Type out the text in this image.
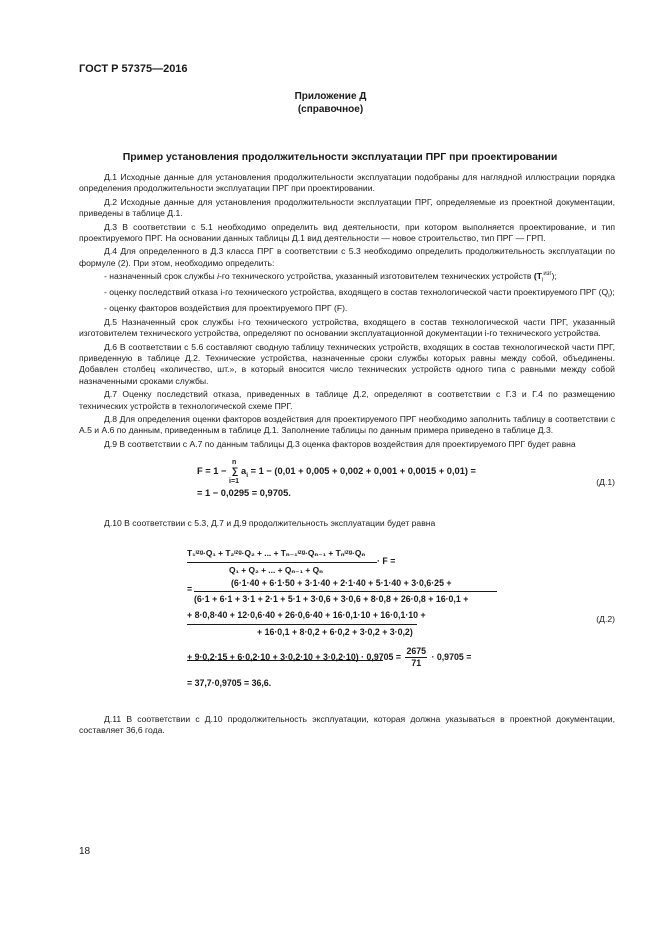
ГОСТ Р 57375—2016
Приложение Д
(справочное)
Пример установления продолжительности эксплуатации ПРГ при проектировании

Д.1 Исходные данные для установления продолжительности эксплуатации подобраны для наглядной иллюстрации порядка определения продолжительности эксплуатации ПРГ при проектировании.

Д.2 Исходные данные для установления продолжительности эксплуатации ПРГ, определяемые из проектной документации, приведены в таблице Д.1.

Д.3 В соответствии с 5.1 необходимо определить вид деятельности, при котором выполняется проектирование, и тип проектируемого ПРГ. На основании данных таблицы Д.1 вид деятельности — новое строительство, тип ПРГ — ГРП.

Д.4 Для определенного в Д.3 класса ПРГ в соответствии с 5.3 необходимо определить продолжительность эксплуатации по формуле (2). При этом, необходимо определить:

- назначенный срок службы i-го технического устройства, указанный изготовителем технических устройств $(T_i^{изг})$;

- оценку последствий отказа i-го технического устройства, входящего в состав технологической части проектируемого ПРГ $(Q_i)$;

- оценку факторов воздействия для проектируемого ПРГ (F).

Д.5 Назначенный срок службы i-го технического устройства, входящего в состав технологической части ПРГ, указанный изготовителем технического устройства, определяют по основании эксплуатационной документации i-го технического устройства.

Д.6 В соответствии с 5.6 составляют сводную таблицу технических устройств, входящих в состав технологической части ПРГ, приведенную в таблице Д.2. Технические устройства, назначенные сроки службы которых равны между собой, объединены. Добавлен столбец «количество, шт.», в который вносится число технических устройств одного типа с равными между собой назначенными сроками службы.

Д.7 Оценку последствий отказа, приведенных в таблице Д.2, определяют в соответствии с Г.3 и Г.4 по размещению технических устройств в технологической схеме ПРГ.

Д.8 Для определения оценки факторов воздействия для проектируемого ПРГ необходимо заполнить таблицу в соответствии с А.5 и А.6 по данным, приведенным в таблице Д.1. Заполнение таблицы по данным примера приведено в таблице Д.3.

Д.9 В соответствии с А.7 по данным таблицы Д.3 оценка факторов воздействия для проектируемого ПРГ будет равна

F = 1 −
n
∑
i=1
$a_i = 1 - (0,01 + 0,005 + 0,002 + 0,001 + 0,0015 + 0,01)$ =
= 1 − 0,0295 = 0,9705.
(Д.1)

Д.10 В соответствии с 5.3, Д.7 и Д.9 продолжительность эксплуатации будет равна

T₁ᶦᶻᵍ·Q₁ + T₂ᶦᶻᵍ·Q₂ + ... + Tₙ₋₁ᶦᶻᵍ·Qₙ₋₁ + Tₙᶦᶻᵍ·Qₙ
Q₁ + Q₂ + ... + Qₙ₋₁ + Qₙ
· F =
=
(6·1·40 + 6·1·50 + 3·1·40 + 2·1·40 + 5·1·40 + 3·0,6·25 +
(6·1 + 6·1 + 3·1 + 2·1 + 5·1 + 3·0,6 + 3·0,6 + 8·0,8 + 26·0,8 + 16·0,1 +
+ 8·0,8·40 + 12·0,6·40 + 26·0,6·40 + 16·0,1·10 + 16·0,1·10 +
+ 16·0,1 + 8·0,2 + 6·0,2 + 3·0,2 + 3·0,2)
+ $9\cdot 0,2\cdot 15 + 6\cdot 0,2\cdot 10 + 3\cdot 0,2\cdot 10 + 3\cdot 0,2\cdot 10) \cdot 0,9705 = \frac{2675}{71} \cdot 0,9705$ =
= 37,7·0,9705 = 36,6.
(Д.2)

Д.11 В соответствии с Д.10 продолжительность эксплуатации, которая должна указываться в проектной документации, составляет 36,6 года.

18
